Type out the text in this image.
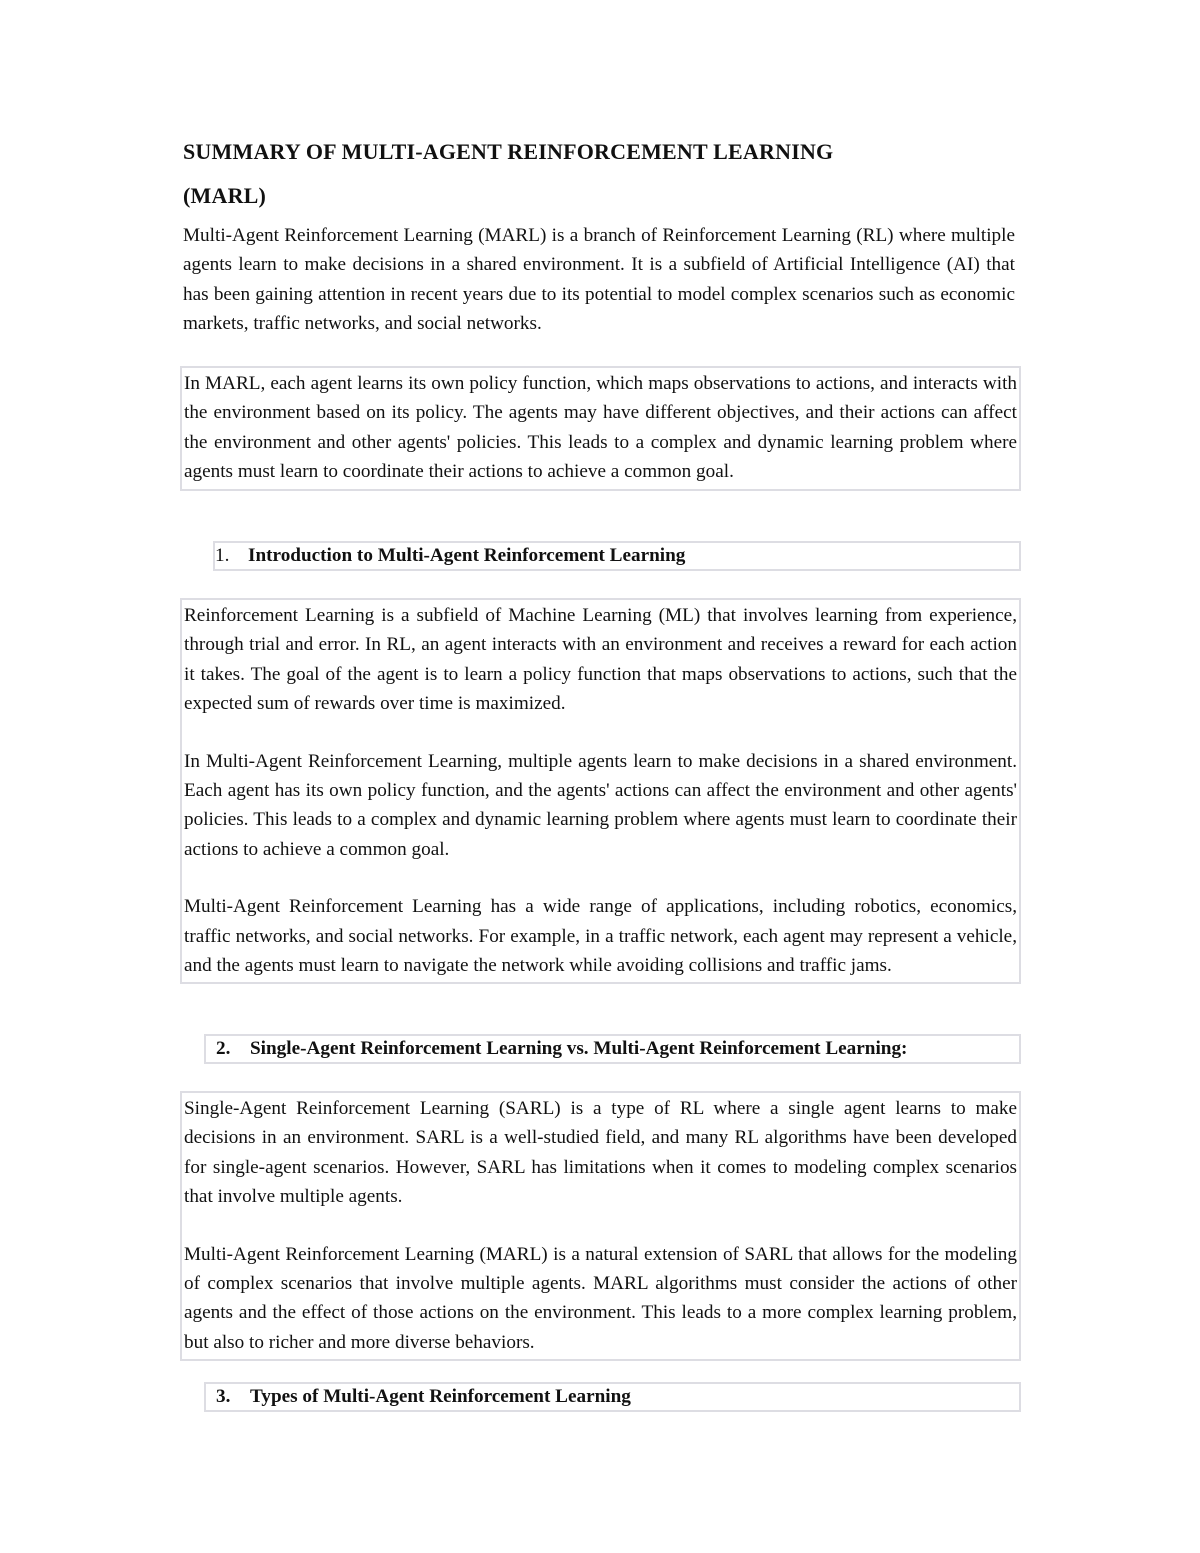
SUMMARY OF MULTI-AGENT REINFORCEMENT LEARNING
(MARL)

Multi-Agent Reinforcement Learning (MARL) is a branch of Reinforcement Learning (RL) where multiple agents learn to make decisions in a shared environment. It is a subfield of Artificial Intelligence (AI) that has been gaining attention in recent years due to its potential to model complex scenarios such as economic markets, traffic networks, and social networks.

In MARL, each agent learns its own policy function, which maps observations to actions, and interacts with the environment based on its policy. The agents may have different objectives, and their actions can affect the environment and other agents' policies. This leads to a complex and dynamic learning problem where agents must learn to coordinate their actions to achieve a common goal.

1. Introduction to Multi-Agent Reinforcement Learning

Reinforcement Learning is a subfield of Machine Learning (ML) that involves learning from experience, through trial and error. In RL, an agent interacts with an environment and receives a reward for each action it takes. The goal of the agent is to learn a policy function that maps observations to actions, such that the expected sum of rewards over time is maximized.

In Multi-Agent Reinforcement Learning, multiple agents learn to make decisions in a shared environment. Each agent has its own policy function, and the agents' actions can affect the environment and other agents' policies. This leads to a complex and dynamic learning problem where agents must learn to coordinate their actions to achieve a common goal.

Multi-Agent Reinforcement Learning has a wide range of applications, including robotics, economics, traffic networks, and social networks. For example, in a traffic network, each agent may represent a vehicle, and the agents must learn to navigate the network while avoiding collisions and traffic jams.

2. Single-Agent Reinforcement Learning vs. Multi-Agent Reinforcement Learning:

Single-Agent Reinforcement Learning (SARL) is a type of RL where a single agent learns to make decisions in an environment. SARL is a well-studied field, and many RL algorithms have been developed for single-agent scenarios. However, SARL has limitations when it comes to modeling complex scenarios that involve multiple agents.

Multi-Agent Reinforcement Learning (MARL) is a natural extension of SARL that allows for the modeling of complex scenarios that involve multiple agents. MARL algorithms must consider the actions of other agents and the effect of those actions on the environment. This leads to a more complex learning problem, but also to richer and more diverse behaviors.

3. Types of Multi-Agent Reinforcement Learning
